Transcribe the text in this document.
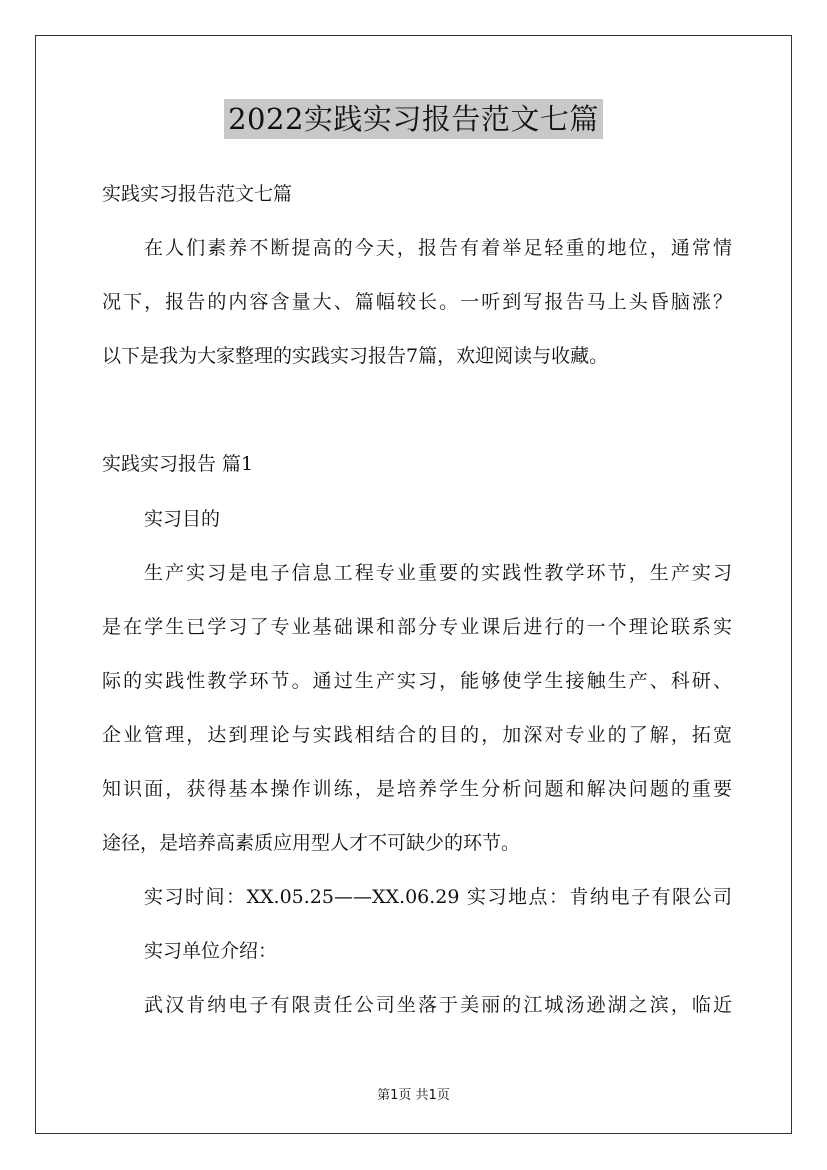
2022实践实习报告范文七篇
实践实习报告范文七篇
在人们素养不断提高的今天，报告有着举足轻重的地位，通常情
况下，报告的内容含量大、篇幅较长。一听到写报告马上头昏脑涨？
以下是我为大家整理的实践实习报告7篇，欢迎阅读与收藏。
实践实习报告 篇1
实习目的
生产实习是电子信息工程专业重要的实践性教学环节，生产实习
是在学生已学习了专业基础课和部分专业课后进行的一个理论联系实
际的实践性教学环节。通过生产实习，能够使学生接触生产、科研、
企业管理，达到理论与实践相结合的目的，加深对专业的了解，拓宽
知识面，获得基本操作训练，是培养学生分析问题和解决问题的重要
途径，是培养高素质应用型人才不可缺少的环节。
实习时间：XX.05.25——XX.06.29 实习地点：肯纳电子有限公司
实习单位介绍：
武汉肯纳电子有限责任公司坐落于美丽的江城汤逊湖之滨，临近
第1页 共1页
